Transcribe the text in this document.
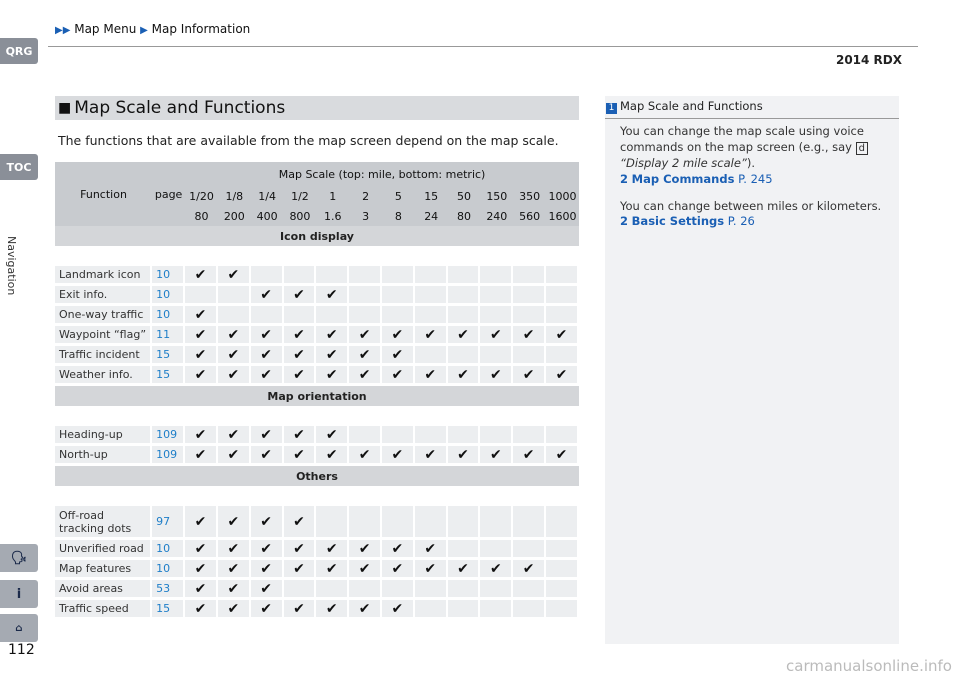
▶▶ Map Menu ▶ Map Information
2014 RDX
QRG
TOC
Navigation
🗣
i
⌂
112
■ Map Scale and Functions
The functions that are available from the map screen depend on the map scale.
Function	page	Map Scale (top: mile, bottom: metric)											
		1/20	1/8	1/4	1/2	1	2	5	15	50	150	350	1000
		80	200	400	800	1.6	3	8	24	80	240	560	1600
Icon display													

Landmark icon	10	✔	✔										
Exit info.	10			✔	✔	✔							
One-way traffic	10	✔											
Waypoint “flag”	11	✔	✔	✔	✔	✔	✔	✔	✔	✔	✔	✔	✔
Traffic incident	15	✔	✔	✔	✔	✔	✔	✔					
Weather info.	15	✔	✔	✔	✔	✔	✔	✔	✔	✔	✔	✔	✔
Map orientation													

Heading-up	109	✔	✔	✔	✔	✔							
North-up	109	✔	✔	✔	✔	✔	✔	✔	✔	✔	✔	✔	✔
Others													

Off-road tracking dots	97	✔	✔	✔	✔								
Unverified road	10	✔	✔	✔	✔	✔	✔	✔	✔				
Map features	10	✔	✔	✔	✔	✔	✔	✔	✔	✔	✔	✔	
Avoid areas	53	✔	✔	✔									
Traffic speed	15	✔	✔	✔	✔	✔	✔	✔					
1 Map Scale and Functions
You can change the map scale using voice commands on the map screen (e.g., say d
“Display 2 mile scale”).
2 Map Commands P. 245
You can change between miles or kilometers.
2 Basic Settings P. 26
carmanualsonline.info
